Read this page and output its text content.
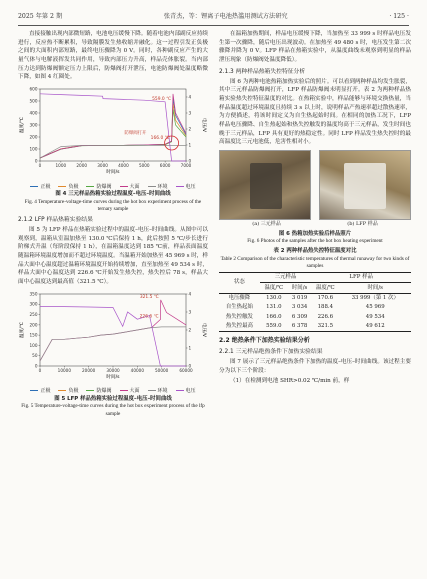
2025 年第 2 期	张青杰，等：锂离子电池热滥用测试方法研究	· 125 ·

直接接触出现内部微短路，电池电压缓慢下降。随着电池内部副反应持续进行，反应热不断累积，导致隔膜发生热收缩并融化。这一过程引发正负极之间的大面积内部短路，最终电压骤降为 0 V。同时，各种副反应产生的大量气体与电解液挥发共同作用，导致内部压力升高，样品壳体胀裂。当内部压力达到防爆阀额定压力上限后，防爆阀打开泄压，电池防爆阀处温度略微下降，如图 4 红圈处。

0	1000 2000 3000 4000 5000 6000 7000
0
100
200
300
400
500
600
0
1
2
3
4
时间/s
温度/℃	电压/V
559.0 ℃
166.0 ℃
防爆阀打开
正极	负极	防爆阀	大面	环境	电压
图 4 三元样品热箱实验过程温度–电压–时间曲线
Fig. 4 Temperature-voltage-time curves during the hot box experiment process of the ternary sample
2.1.2 LFP 样品热箱实验结果

图 5 为 LFP 样品在热箱实验过程中的温度–电压–时间曲线。从图中可以观察到，温箱从室温加热至 130.0 ℃后保持 1 h，此后按照 5 ℃/步长进行阶梯式升温（每阶段保持 1 h），在温箱温度达到 185 ℃前，样品表面温度随温箱环境温度增加而不超过环境温度。当温箱开始加热至 45 969 s 时，样品大面中心温度超过温箱环境温度开始持续增加，直至加热至 49 534 s 时，样品大面中心温度达到 226.6 ℃开始发生热失控，热失控后 78 s，样品大面中心温度达到最高值（321.5 ℃）。

0	10000	20000	30000	40000	50000	60000
0
50
100
150
200
250
300
350
0
1
2
3
4
时间/s
温度/℃	电压/V
321.5 ℃
226.6 ℃
正极	负极	防爆阀	大面	环境	电压
图 5 LFP 样品热箱实验过程温度–电压–时间曲线
Fig. 5 Temperature-voltage-time curves during the hot box experiment process of the lfp sample

在温箱加热期间，样品电压缓慢下降，当加热至 33 999 s 时样品电压发生第一次骤降，随后电压出现波动。在加热至 49 480 s 时，电压发生第二次骤降并降为 0 V。LFP 样品在热箱实验中，从温度曲线未观察到明显的样品泄压现象（防爆阀处温度降低）。

2.1.3 两种样品热箱失控特征分析

图 6 为两种电池热箱加热实验后的照片。可以看到两种样品均发生胀裂，其中三元样品防爆阀打开，LFP 样品防爆阀未明显打开。表 2 为两种样品热箱实验热失控特征温度的对比。在热箱实验中，样品能够与环境交换热量，当样品温度超过环境温度且持续 3 s 以上时，说明样品产热速率超过散热速率，为方便描述，将该时间定义为自生热起始时间。在相同的加热工况下，LFP 样品电压骤降、自生热起始和热失控触发的温度均高于三元样品，发生时间也晚于三元样品，LFP 具有更好的热稳定性。同时 LFP 样品发生热失控时的最高温度比三元电池低，危害性相对小。

(a) 三元样品	(b) LFP 样品
图 6 热箱加热实验后样品照片
Fig. 6 Photos of the samples after the hot box heating experiment
表 2 两种样品热失控特征温度对比
Table 2 Comparison of the characteristic temperatures of thermal runaway for two kinds of samples
状态	三元样品		LFP 样品	
	温度/℃	时间/s	温度/℃	时间/s
电压骤降	130.0	3 019	170.6	33 999（第 1 次）
自生热起始	131.0	3 034	188.4	45 969
热失控触发	166.0	6 309	226.6	49 534
热失控最高	559.0	6 378	321.5	49 612
2.2 绝热条件下加热实验结果分析
2.2.1 三元样品绝热条件下加热实验结果

图 7 展示了三元样品绝热条件下加热的温度–电压–时间曲线。该过程主要分为以下三个阶段：

（1）在检测到电池 SHR>0.02 ℃/min 前，样
